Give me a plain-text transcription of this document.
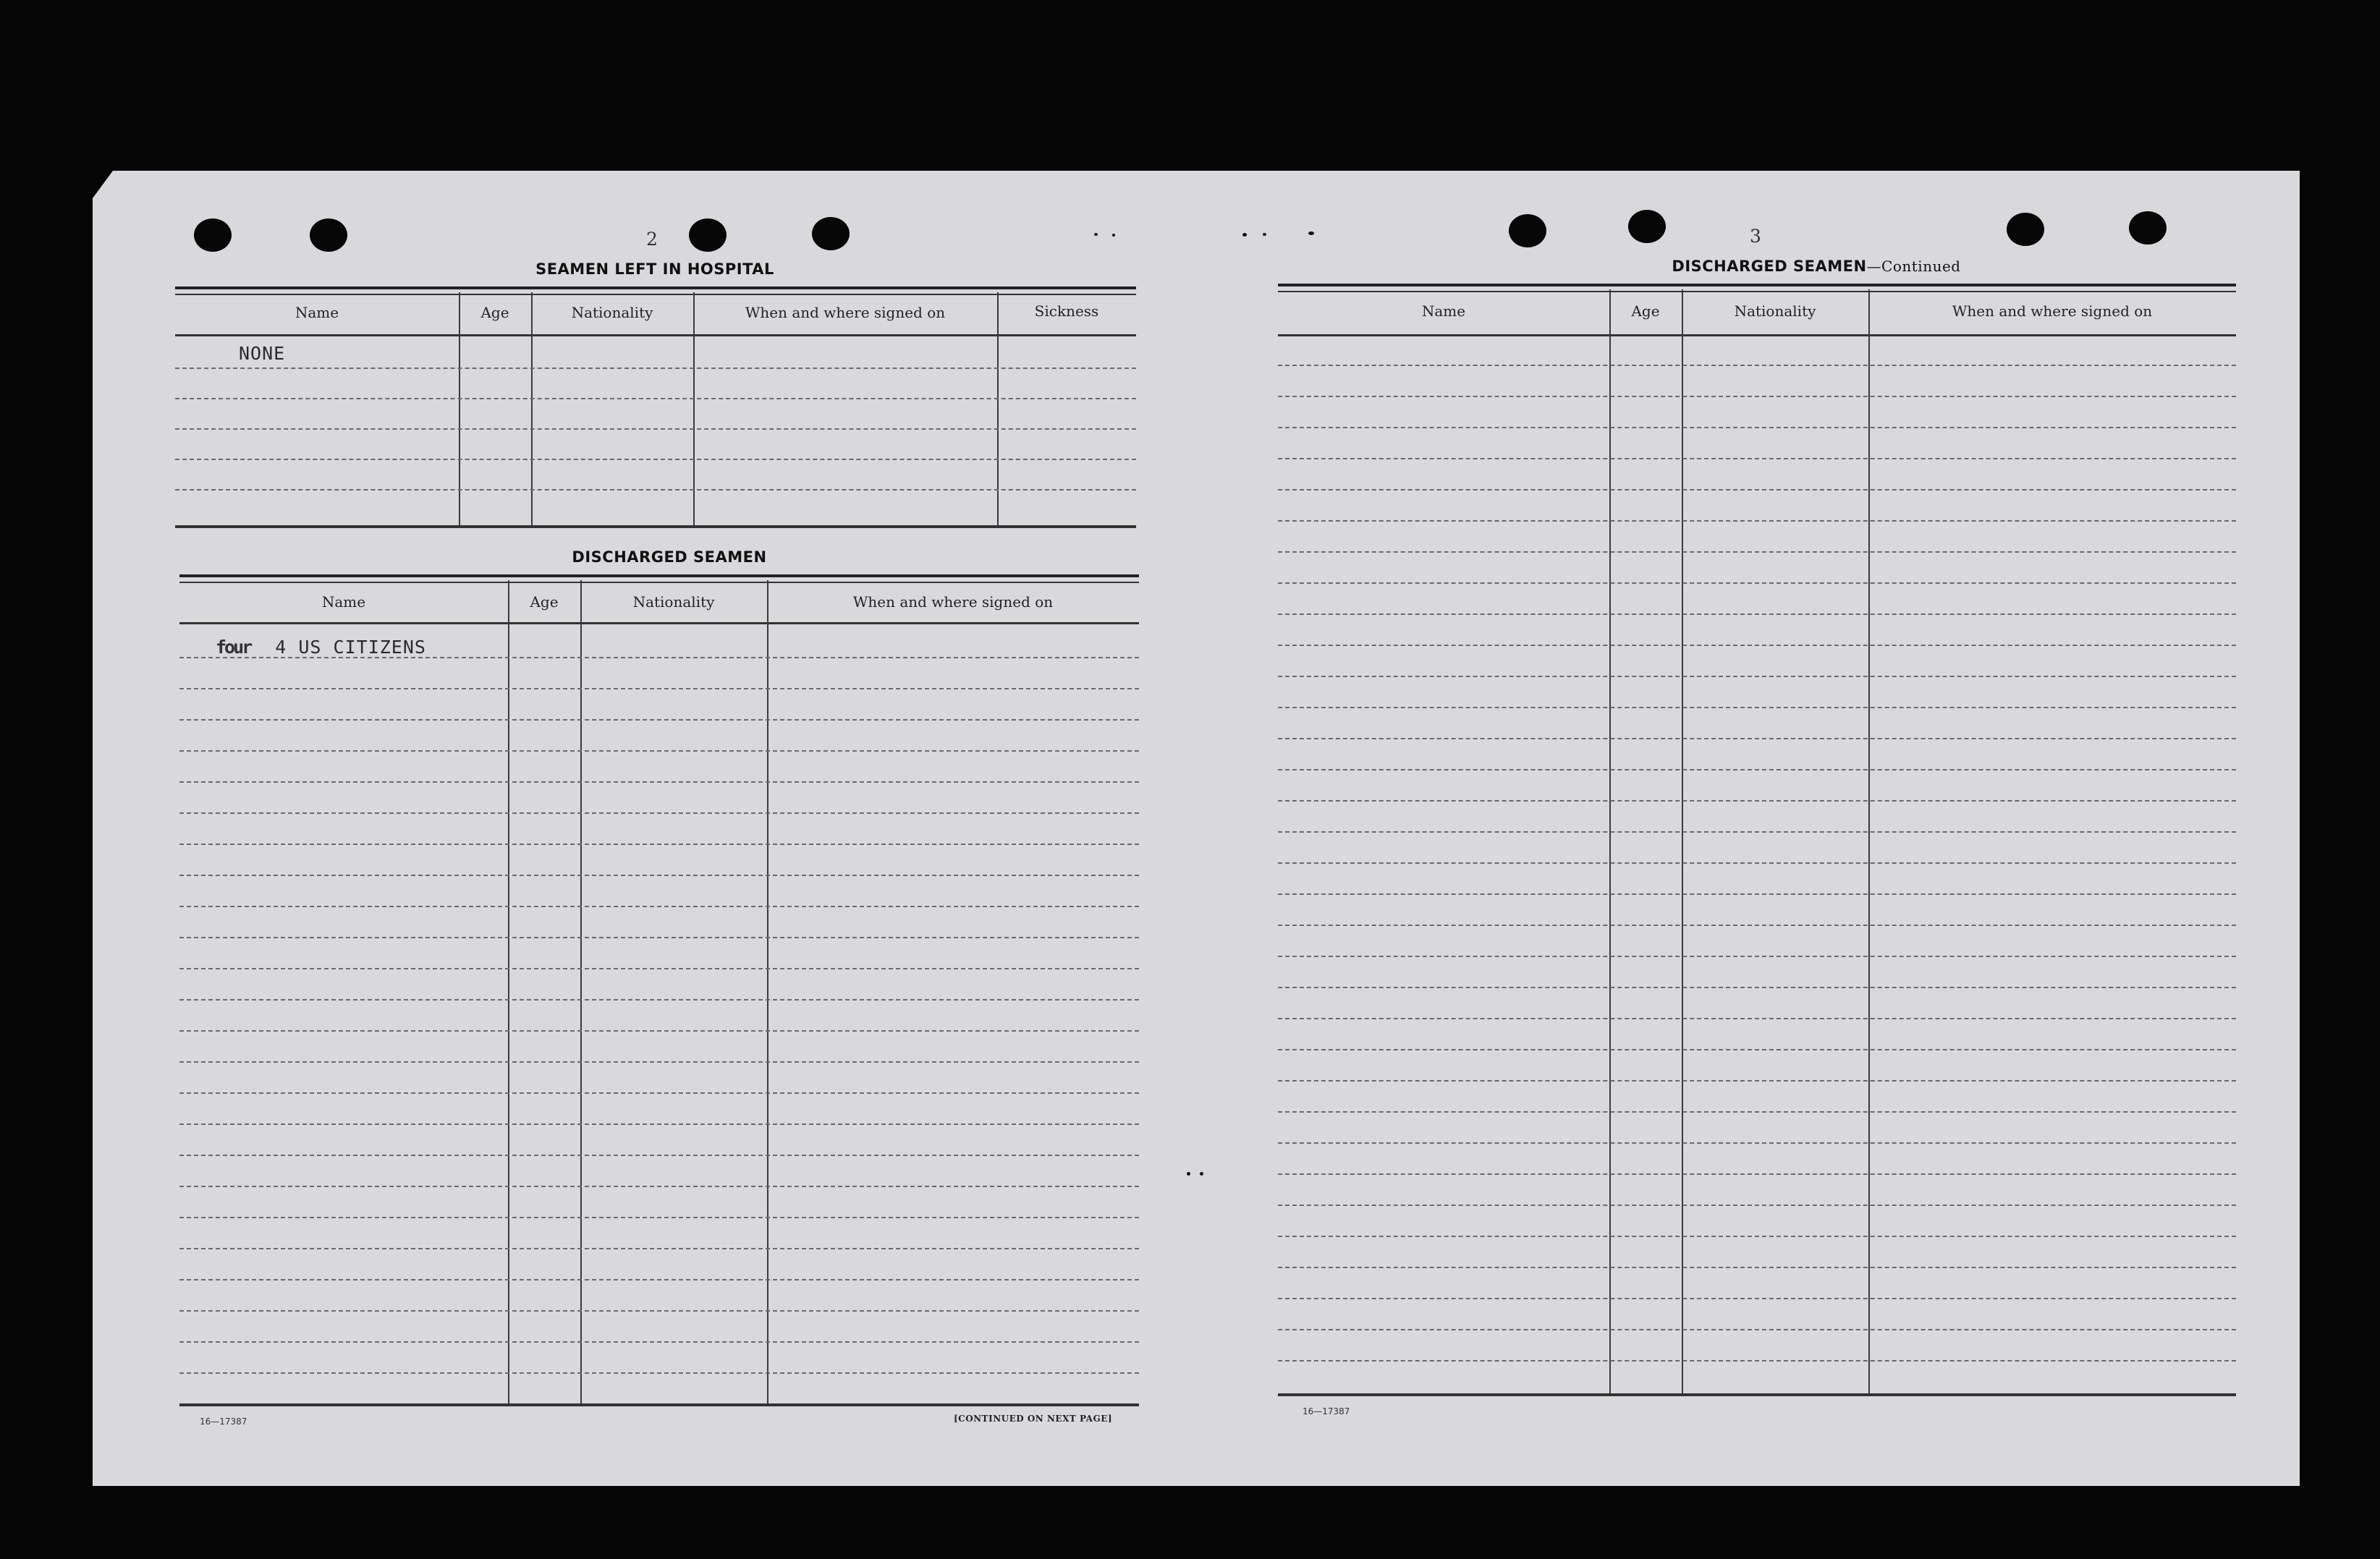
2
SEAMEN LEFT IN HOSPITAL
Name	Age	Nationality	When and where signed on	Sickness
NONE
DISCHARGED SEAMEN
Name	Age	Nationality	When and where signed on
four 4 US CITIZENS
16—17387	[CONTINUED ON NEXT PAGE]
3
DISCHARGED SEAMEN—Continued
Name	Age	Nationality	When and where signed on
16—17387
